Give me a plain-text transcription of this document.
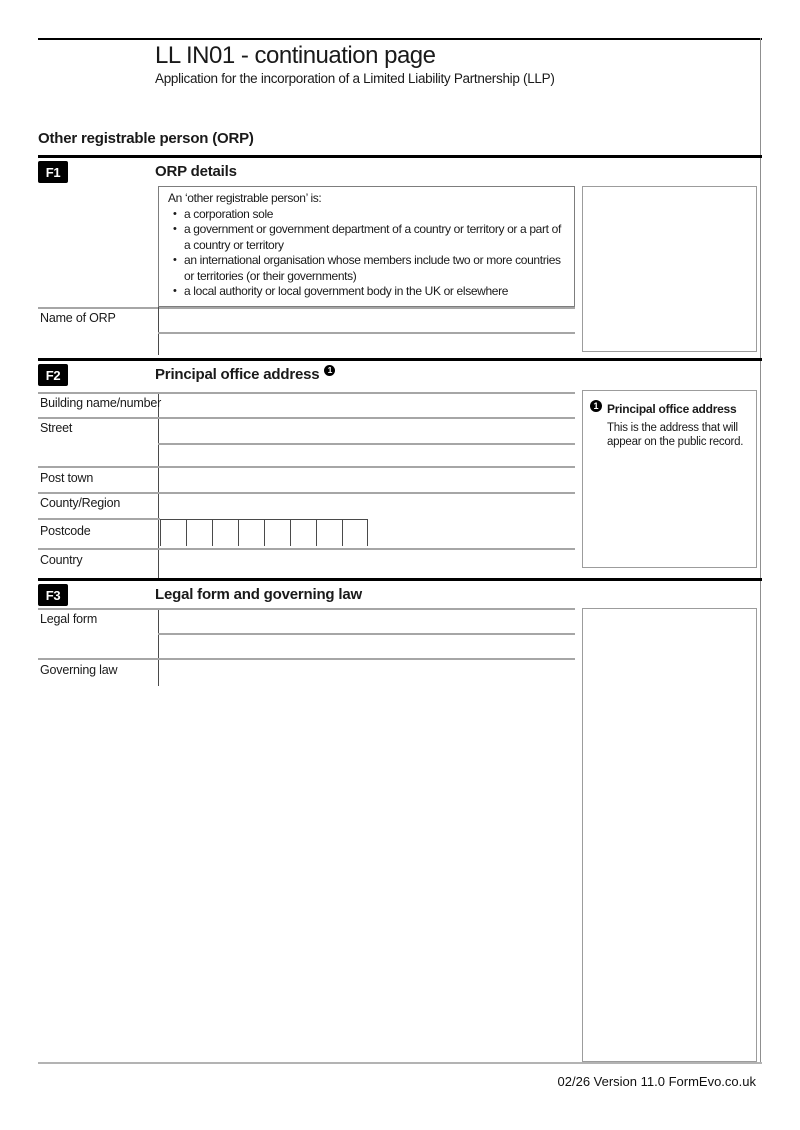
LL IN01 - continuation page
Application for the incorporation of a Limited Liability Partnership (LLP)
Other registrable person (ORP)
F1	ORP details
An ‘other registrable person’ is:
• a corporation sole
• a government or government department of a country or territory or a part of a country or territory
• an international organisation whose members include two or more countries or territories (or their governments)
• a local authority or local government body in the UK or elsewhere
Name of ORP
F2	Principal office address 1
1 Principal office address
This is the address that will appear on the public record.
Building name/number
Street
Post town
County/Region
Postcode
Country
F3	Legal form and governing law
Legal form
Governing law
02/26 Version 11.0 FormEvo.co.uk
